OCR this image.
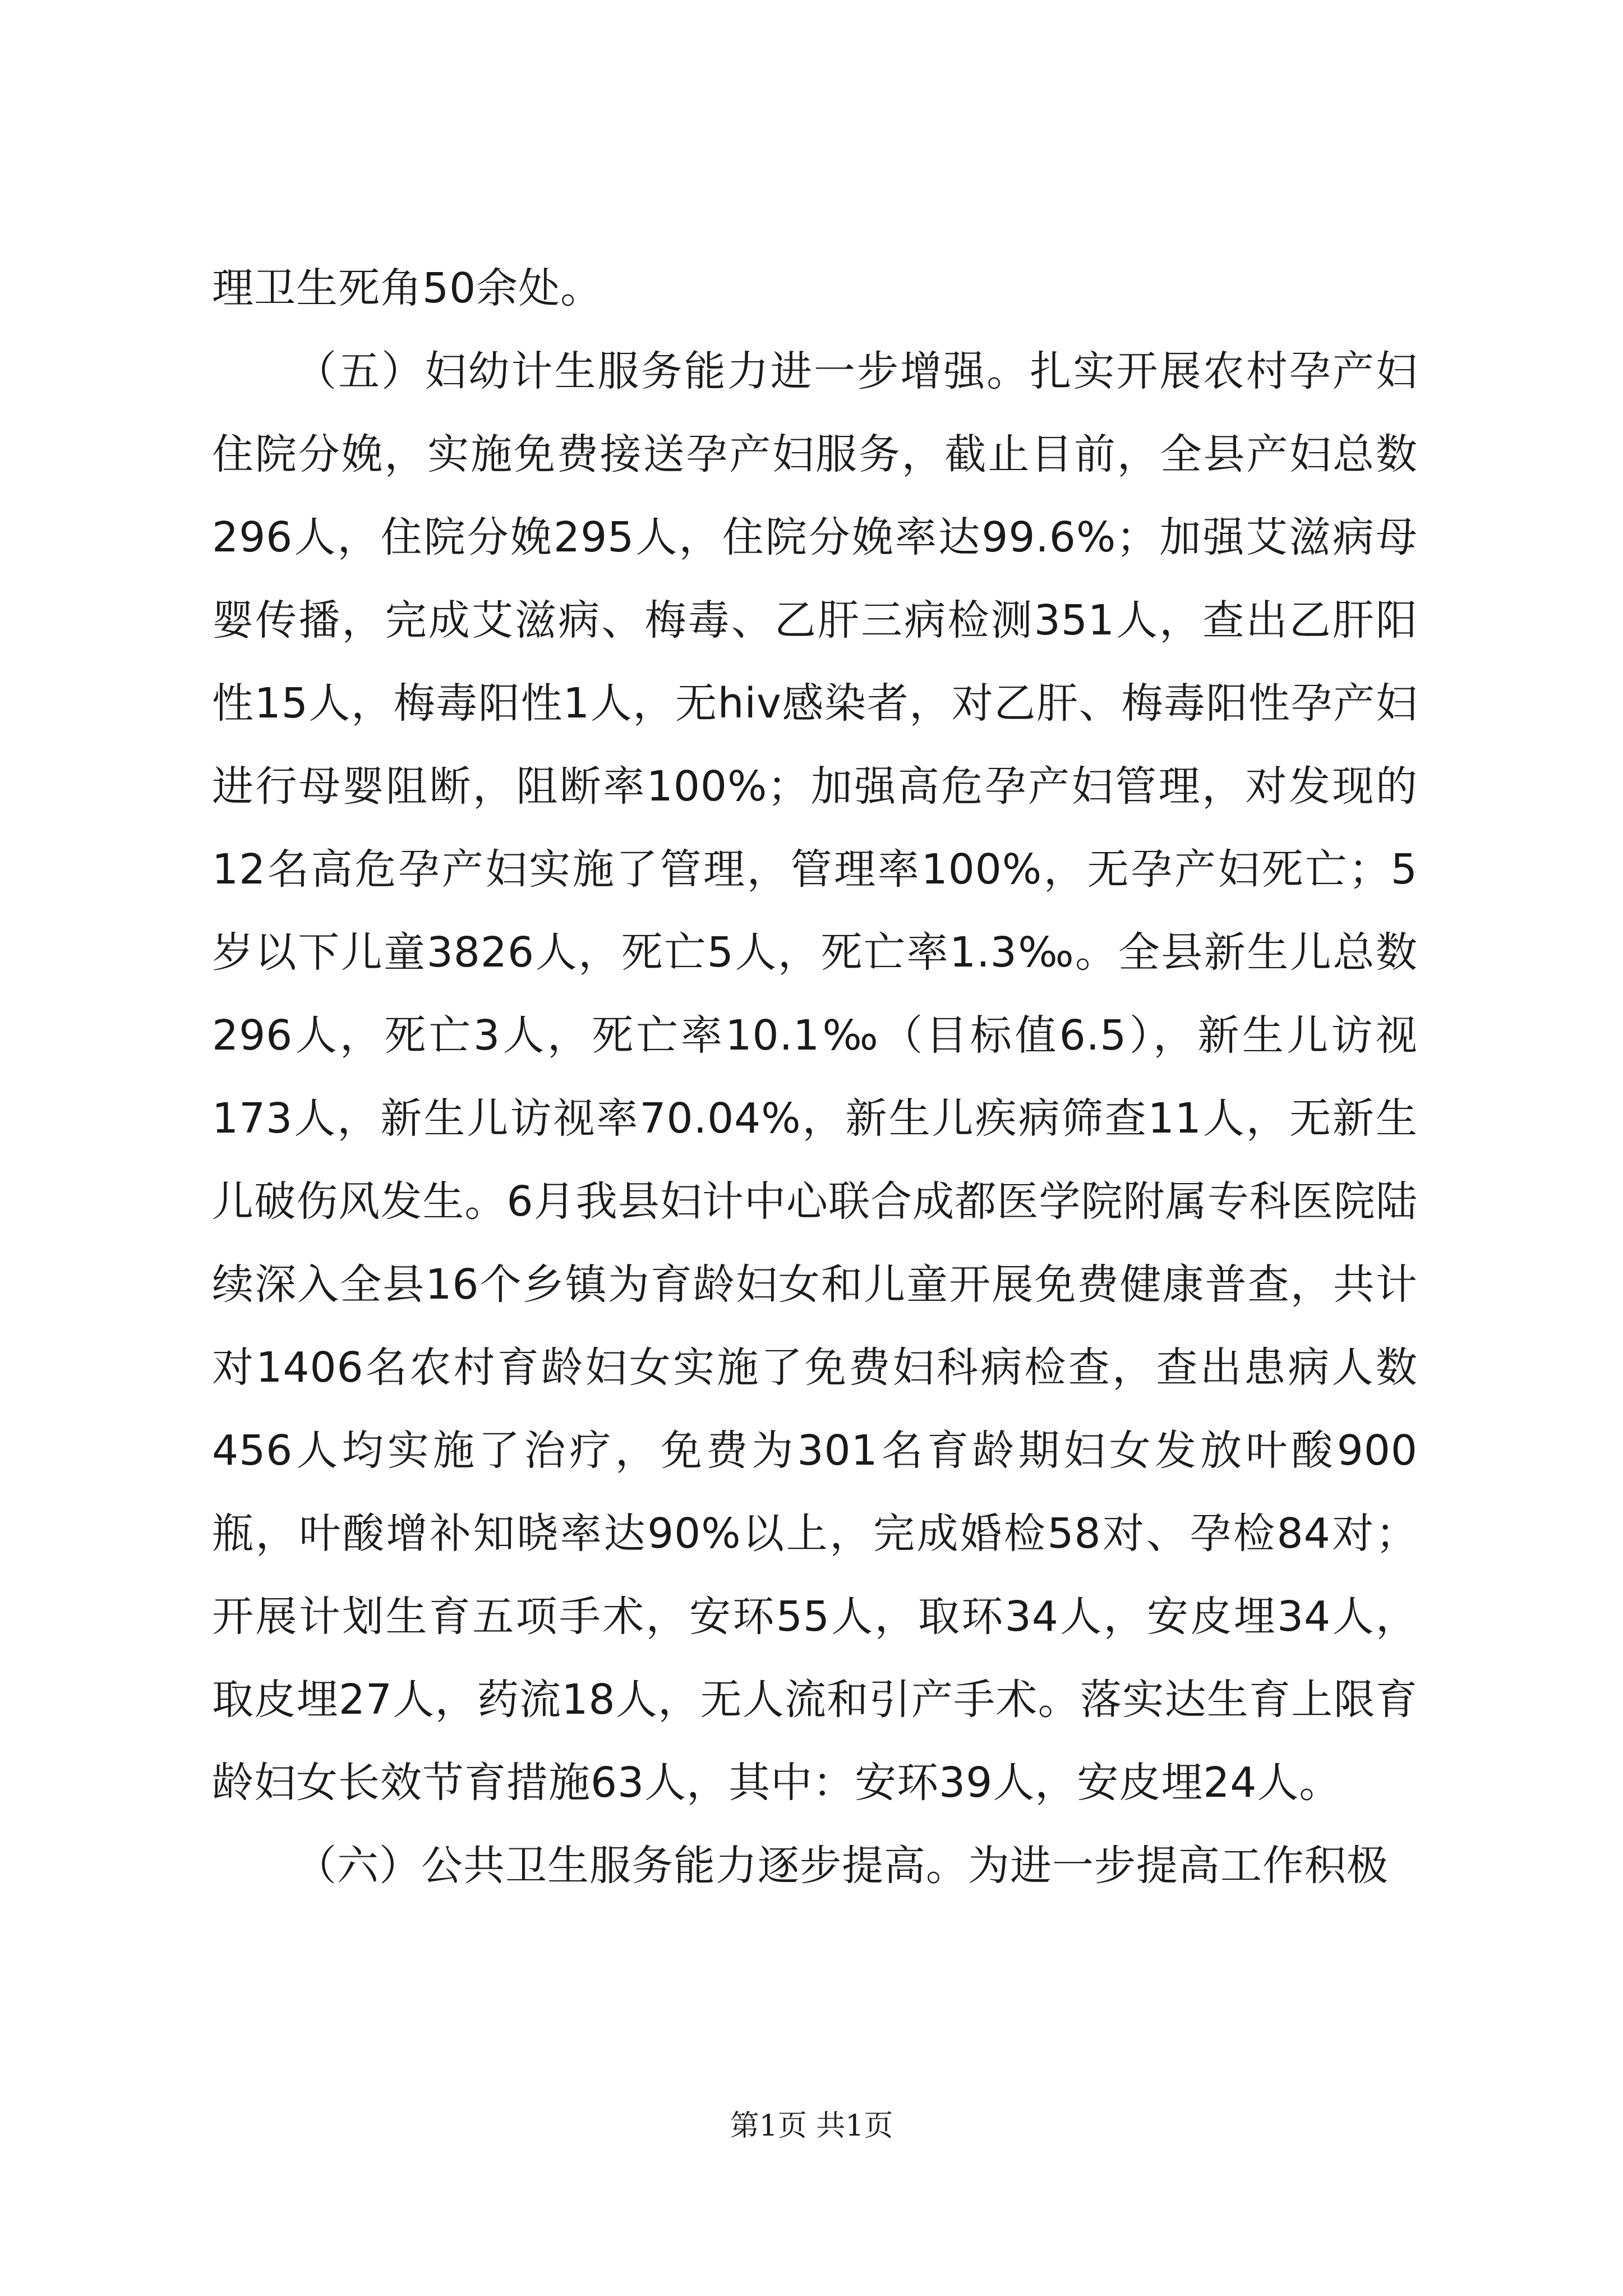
理卫生死角50余处。

（五）妇幼计生服务能力进一步增强。扎实开展农村孕产妇住院分娩，实施免费接送孕产妇服务，截止目前，全县产妇总数296人，住院分娩295人，住院分娩率达99.6%；加强艾滋病母婴传播，完成艾滋病、梅毒、乙肝三病检测351人，查出乙肝阳性15人，梅毒阳性1人，无hiv感染者，对乙肝、梅毒阳性孕产妇进行母婴阻断，阻断率100%；加强高危孕产妇管理，对发现的12名高危孕产妇实施了管理，管理率100%，无孕产妇死亡；5岁以下儿童3826人，死亡5人，死亡率1.3‰。全县新生儿总数296人，死亡3人，死亡率10.1‰（目标值6.5），新生儿访视173人，新生儿访视率70.04%，新生儿疾病筛查11人，无新生儿破伤风发生。6月我县妇计中心联合成都医学院附属专科医院陆续深入全县16个乡镇为育龄妇女和儿童开展免费健康普查，共计对1406名农村育龄妇女实施了免费妇科病检查，查出患病人数456人均实施了治疗，免费为301名育龄期妇女发放叶酸900瓶，叶酸增补知晓率达90%以上，完成婚检58对、孕检84对；开展计划生育五项手术，安环55人，取环34人，安皮埋34人，取皮埋27人，药流18人，无人流和引产手术。落实达生育上限育龄妇女长效节育措施63人，其中：安环39人，安皮埋24人。

（六）公共卫生服务能力逐步提高。为进一步提高工作积极

第1页 共1页
